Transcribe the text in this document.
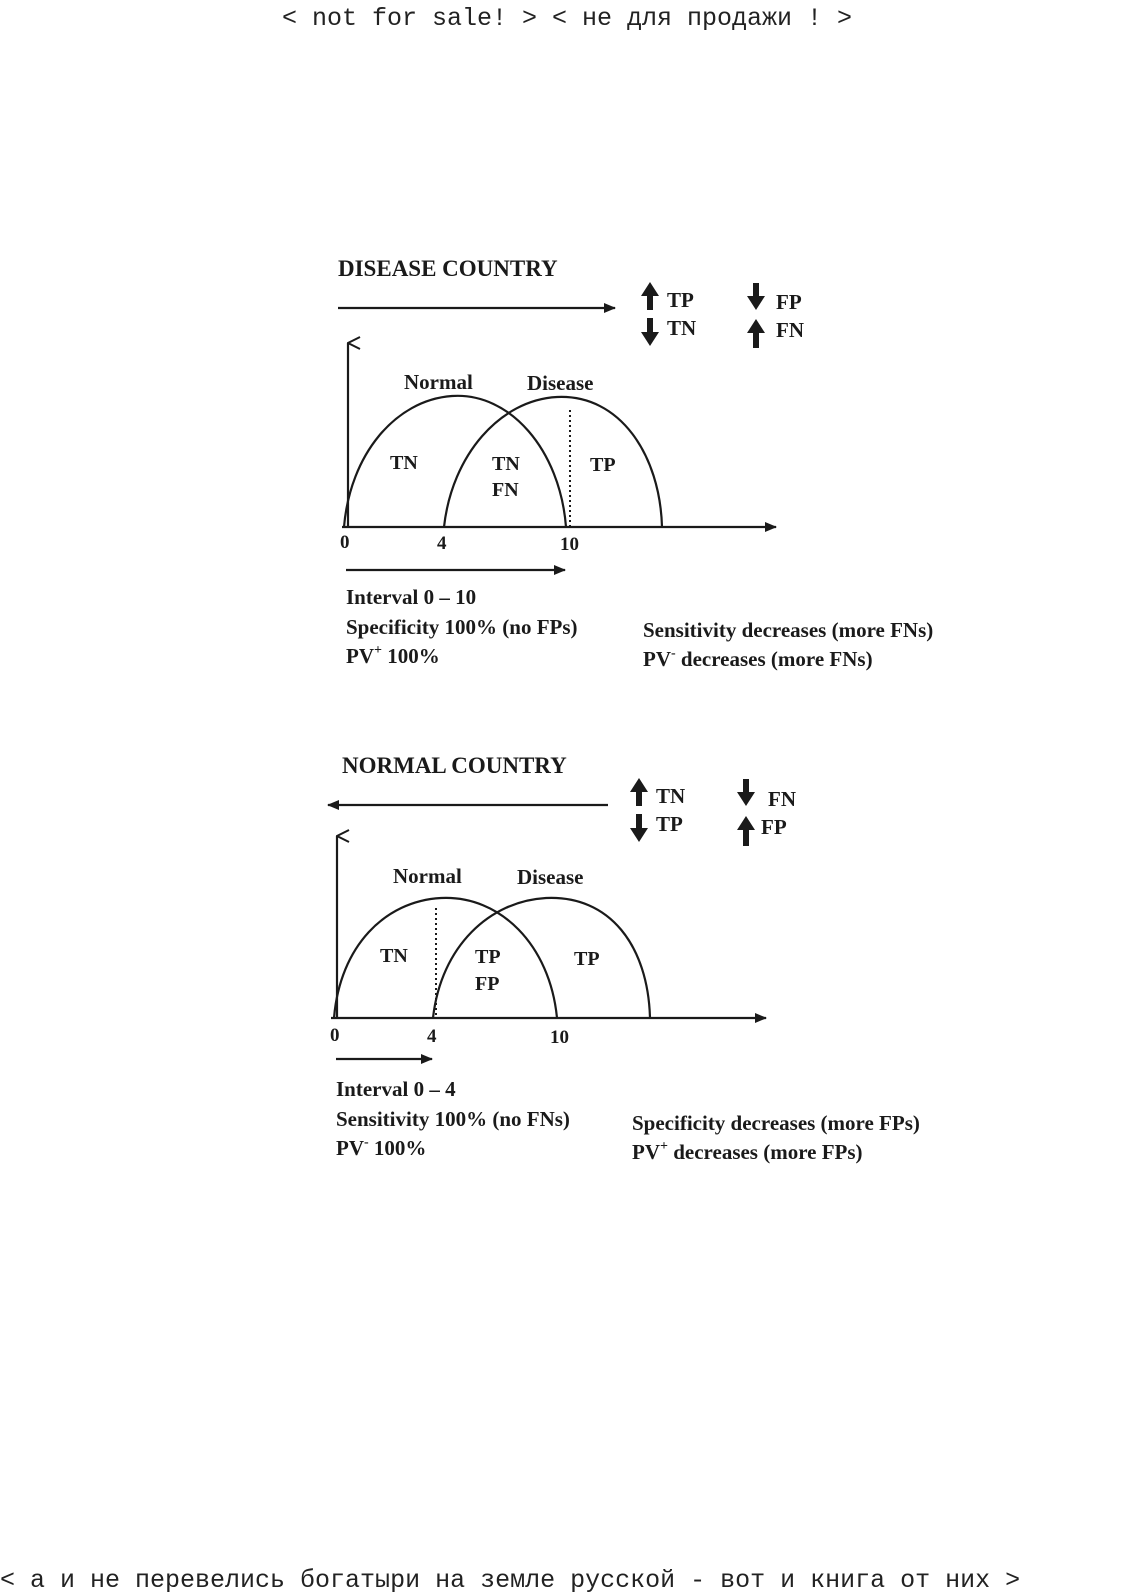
< not for sale! > < не для продажи ! >

DISEASE COUNTRY
TP
TN
FP
FN
Normal	Disease
TN	TN
FN
TP
0	4	10
Interval 0 – 10
Specificity 100% (no FPs)
PV+ 100%
Sensitivity decreases (more FNs)
PV- decreases (more FNs)
NORMAL COUNTRY
TN
TP
FN
FP
Normal	Disease
TN	TP
FP
TP
0	4	10
Interval 0 – 4
Sensitivity 100% (no FNs)
PV- 100%
Specificity decreases (more FPs)
PV+ decreases (more FPs)

< а и не перевелись богатыри на земле русской - вот и книга от них >
